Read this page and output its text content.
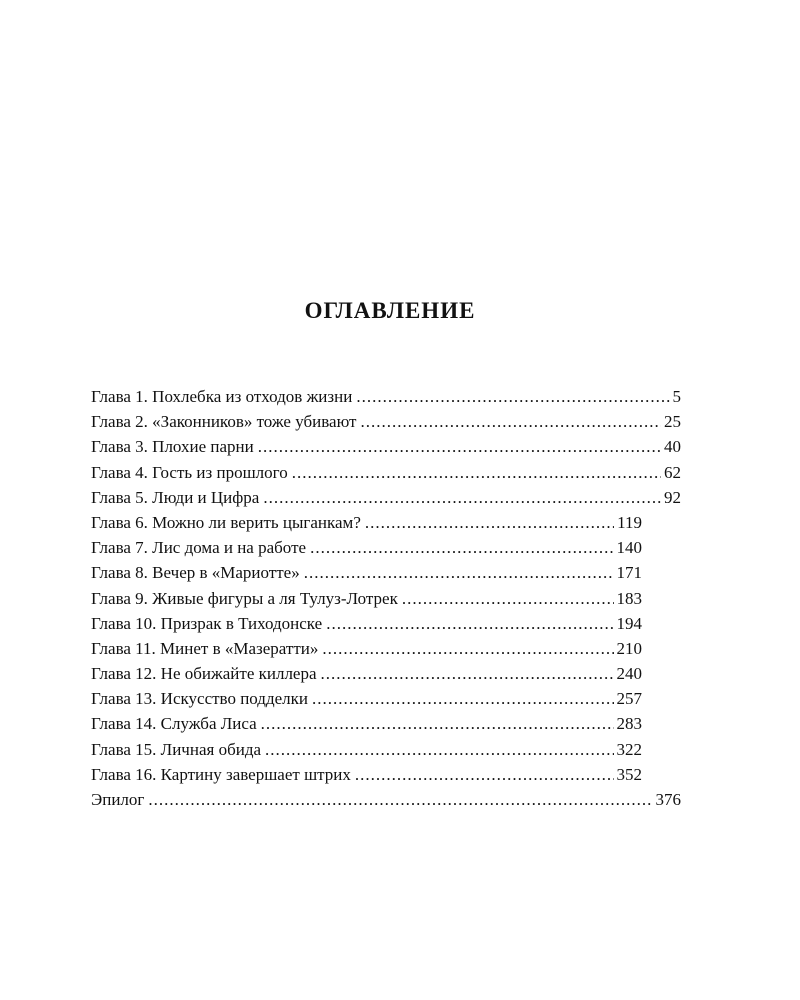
ОГЛАВЛЕНИЕ
Глава 1. Похлебка из отходов жизни .....	5
Глава 2. «Законников» тоже убивают .....	25
Глава 3. Плохие парни .....	40
Глава 4. Гость из прошлого .....	62
Глава 5. Люди и Цифра .....	92
Глава 6. Можно ли верить цыганкам? .....	119
Глава 7. Лис дома и на работе .....	140
Глава 8. Вечер в «Мариотте» .....	171
Глава 9. Живые фигуры а ля Тулуз-Лотрек .....	183
Глава 10. Призрак в Тиходонске .....	194
Глава 11. Минет в «Мазератти» .....	210
Глава 12. Не обижайте киллера .....	240
Глава 13. Искусство подделки .....	257
Глава 14. Служба Лиса .....	283
Глава 15. Личная обида .....	322
Глава 16. Картину завершает штрих .....	352
Эпилог .....	376
